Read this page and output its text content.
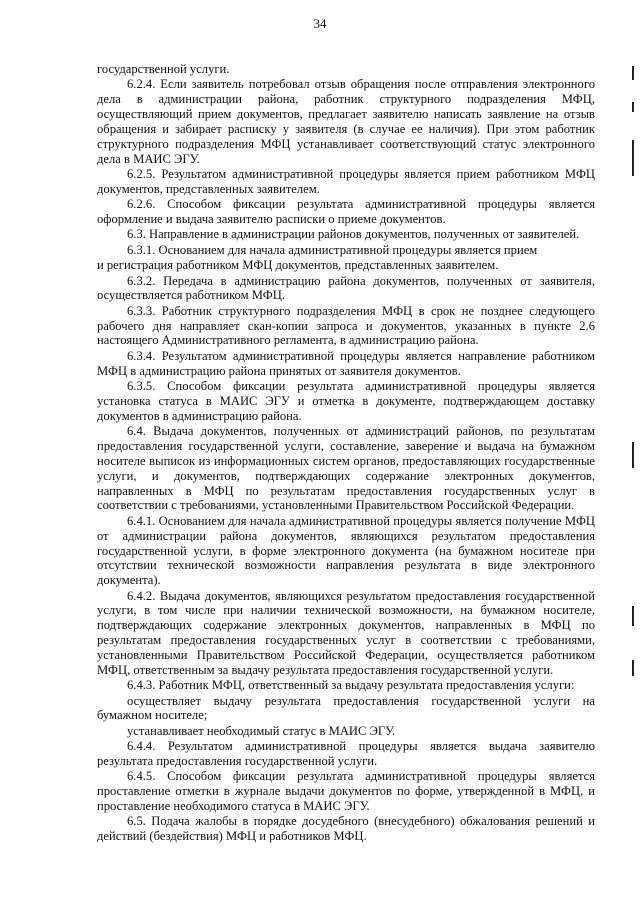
34

государственной услуги.

6.2.4. Если заявитель потребовал отзыв обращения после отправления электронного дела в администрации района, работник структурного подразделения МФЦ, осуществляющий прием документов, предлагает заявителю написать заявление на отзыв обращения и забирает расписку у заявителя (в случае ее наличия). При этом работник структурного подразделения МФЦ устанавливает соответствующий статус электронного дела в МАИС ЭГУ.

6.2.5. Результатом административной процедуры является прием работником МФЦ документов, представленных заявителем.

6.2.6. Способом фиксации результата административной процедуры является оформление и выдача заявителю расписки о приеме документов.

6.3. Направление в администрации районов документов, полученных от заявителей.

6.3.1. Основанием для начала административной процедуры является прием

и регистрация работником МФЦ документов, представленных заявителем.

6.3.2. Передача в администрацию района документов, полученных от заявителя, осуществляется работником МФЦ.

6.3.3. Работник структурного подразделения МФЦ в срок не позднее следующего рабочего дня направляет скан-копии запроса и документов, указанных в пункте 2.6 настоящего Административного регламента, в администрацию района.

6.3.4. Результатом административной процедуры является направление работником МФЦ в администрацию района принятых от заявителя документов.

6.3.5. Способом фиксации результата административной процедуры является установка статуса в МАИС ЭГУ и отметка в документе, подтверждающем доставку документов в администрацию района.

6.4. Выдача документов, полученных от администраций районов, по результатам предоставления государственной услуги, составление, заверение и выдача на бумажном носителе выписок из информационных систем органов, предоставляющих государственные услуги, и документов, подтверждающих содержание электронных документов, направленных в МФЦ по результатам предоставления государственных услуг в соответствии с требованиями, установленными Правительством Российской Федерации.

6.4.1. Основанием для начала административной процедуры является получение МФЦ от администрации района документов, являющихся результатом предоставления государственной услуги, в форме электронного документа (на бумажном носителе при отсутствии технической возможности направления результата в виде электронного документа).

6.4.2. Выдача документов, являющихся результатом предоставления государственной услуги, в том числе при наличии технической возможности, на бумажном носителе, подтверждающих содержание электронных документов, направленных в МФЦ по результатам предоставления государственных услуг в соответствии с требованиями, установленными Правительством Российской Федерации, осуществляется работником МФЦ, ответственным за выдачу результата предоставления государственной услуги.

6.4.3. Работник МФЦ, ответственный за выдачу результата предоставления услуги:

осуществляет выдачу результата предоставления государственной услуги на бумажном носителе;

устанавливает необходимый статус в МАИС ЭГУ.

6.4.4. Результатом административной процедуры является выдача заявителю результата предоставления государственной услуги.

6.4.5. Способом фиксации результата административной процедуры является проставление отметки в журнале выдачи документов по форме, утвержденной в МФЦ, и проставление необходимого статуса в МАИС ЭГУ.

6.5. Подача жалобы в порядке досудебного (внесудебного) обжалования решений и действий (бездействия) МФЦ и работников МФЦ.
